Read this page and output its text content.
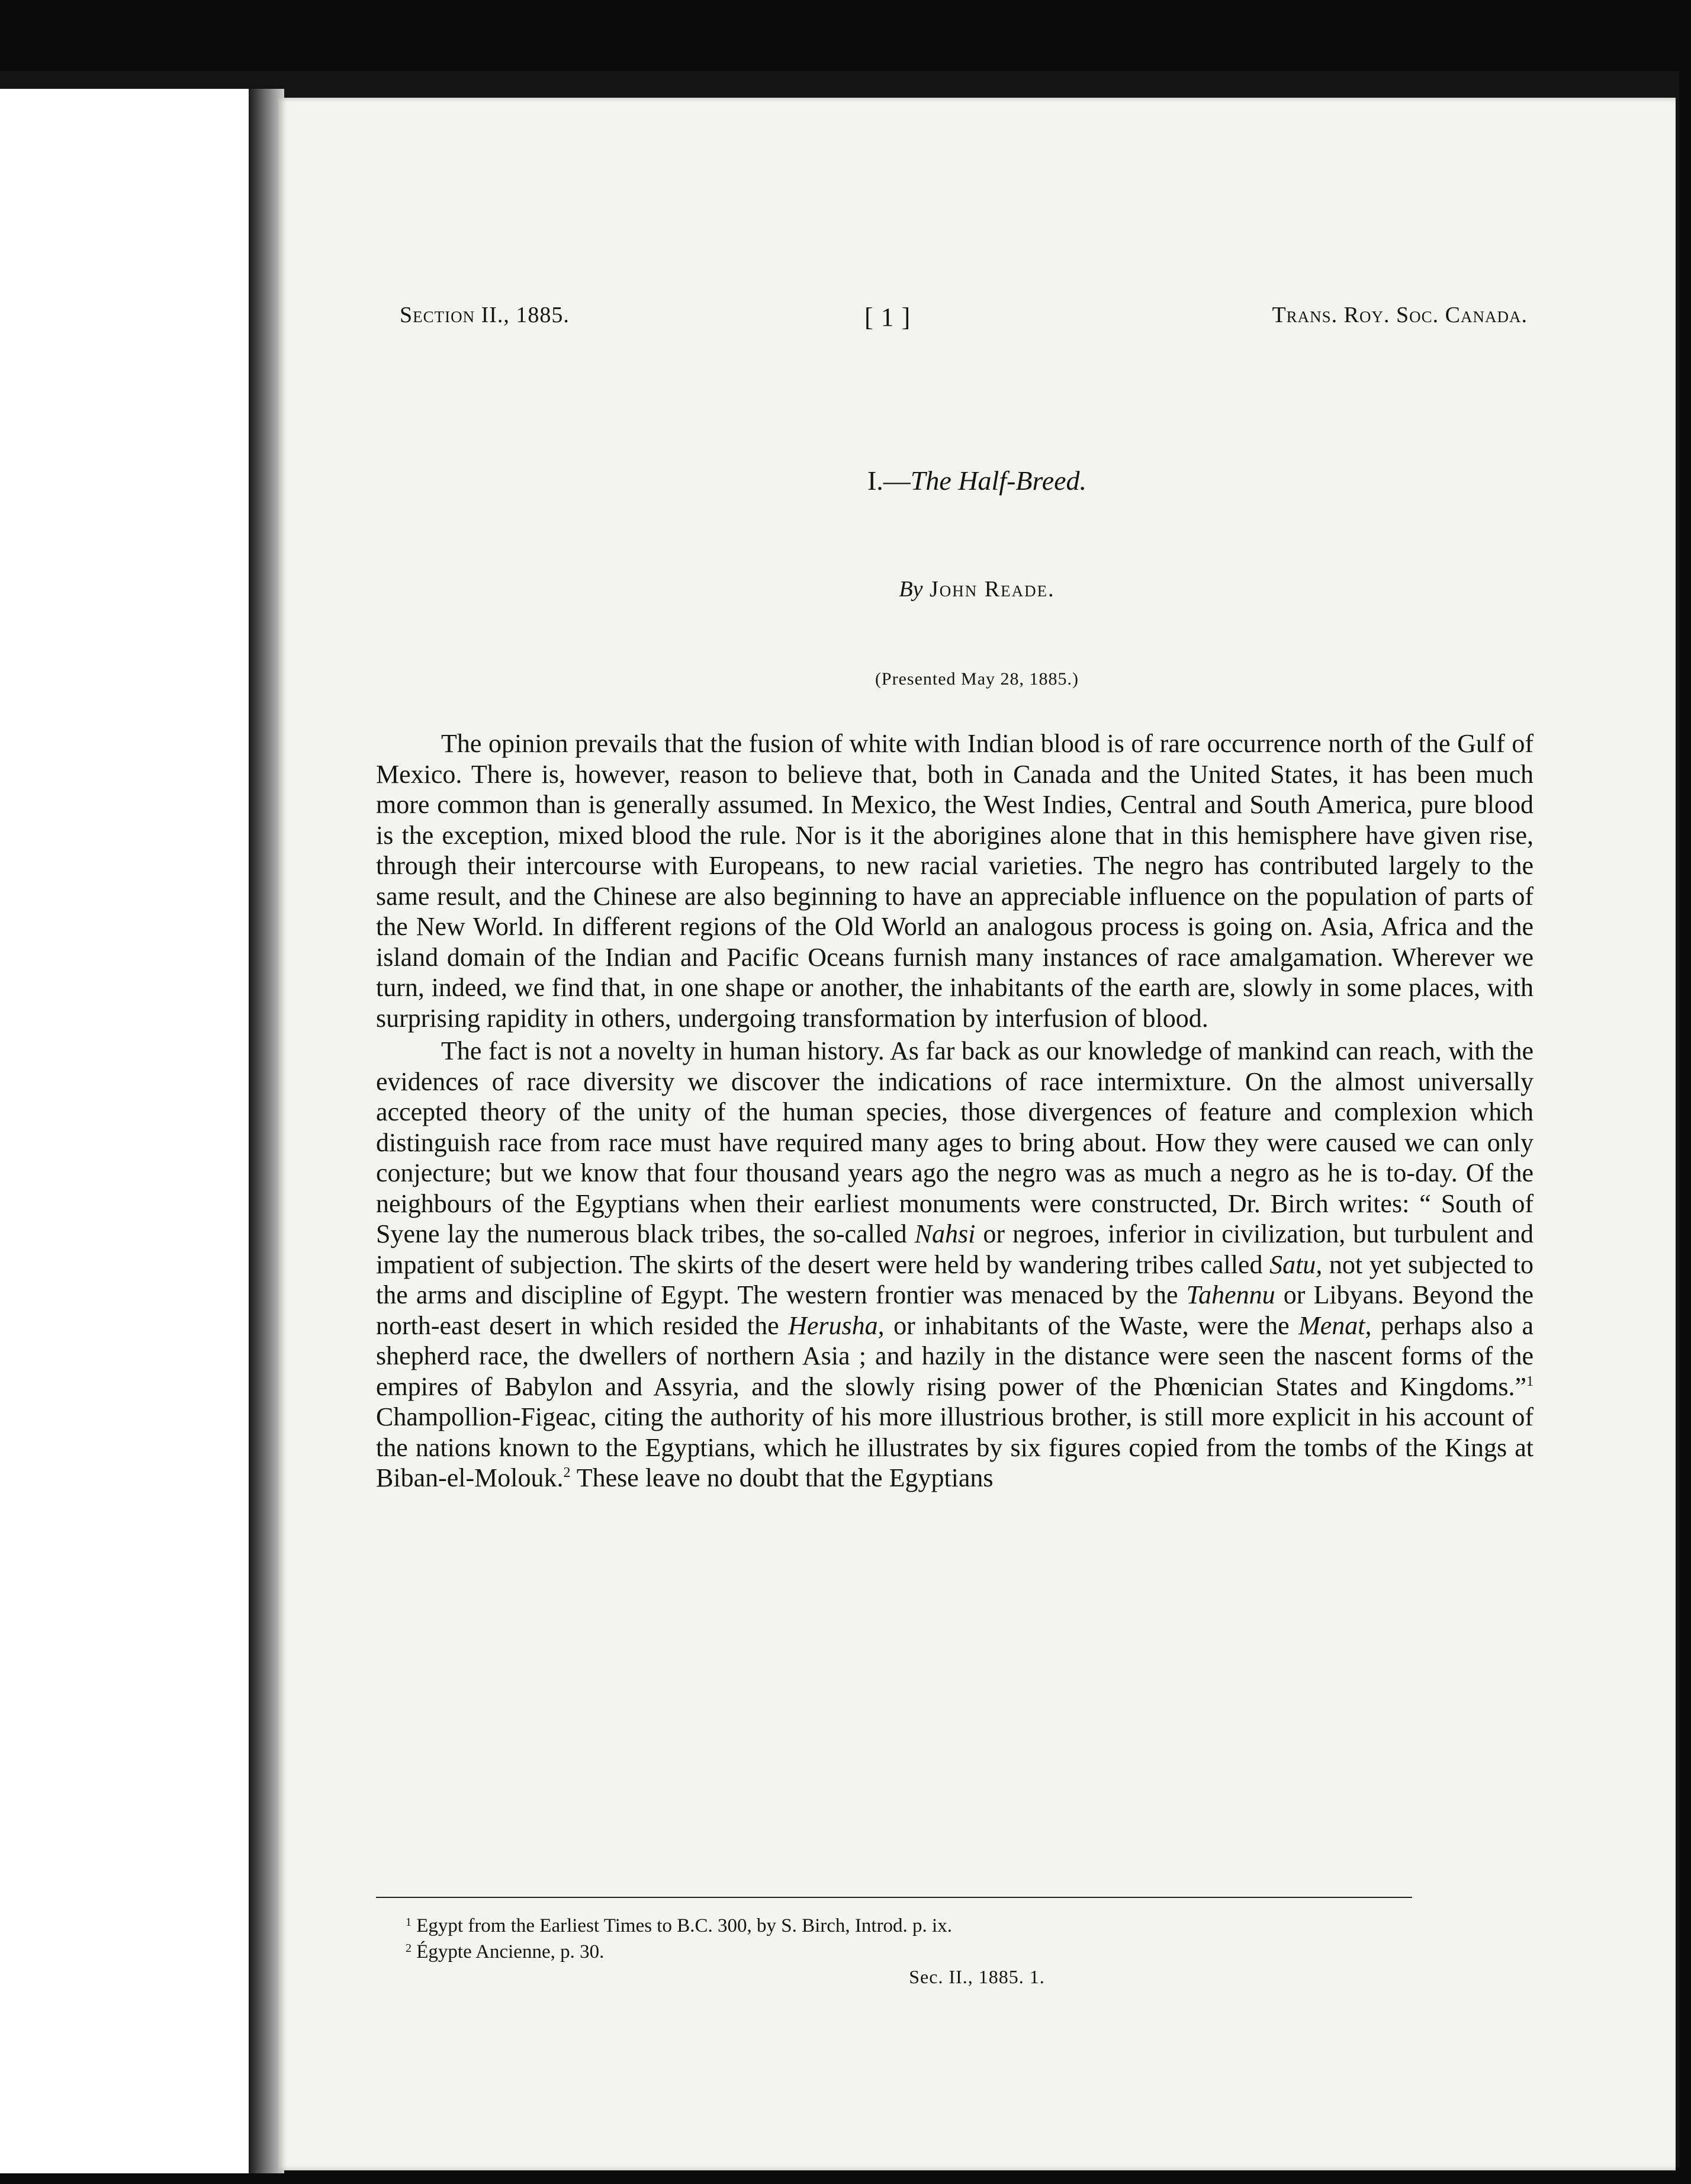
Section II., 1885.	[ 1 ]	Trans. Roy. Soc. Canada.
I.—The Half-Breed.
By John Reade.
(Presented May 28, 1885.)

The opinion prevails that the fusion of white with Indian blood is of rare occurrence north of the Gulf of Mexico. There is, however, reason to believe that, both in Canada and the United States, it has been much more common than is generally assumed. In Mexico, the West Indies, Central and South America, pure blood is the exception, mixed blood the rule. Nor is it the aborigines alone that in this hemisphere have given rise, through their intercourse with Europeans, to new racial varieties. The negro has contributed largely to the same result, and the Chinese are also beginning to have an appreciable influence on the population of parts of the New World. In different regions of the Old World an analogous process is going on. Asia, Africa and the island domain of the Indian and Pacific Oceans furnish many instances of race amalgamation. Wherever we turn, indeed, we find that, in one shape or another, the inhabitants of the earth are, slowly in some places, with surprising rapidity in others, undergoing transformation by interfusion of blood.

The fact is not a novelty in human history. As far back as our knowledge of mankind can reach, with the evidences of race diversity we discover the indications of race intermixture. On the almost universally accepted theory of the unity of the human species, those divergences of feature and complexion which distinguish race from race must have required many ages to bring about. How they were caused we can only conjecture; but we know that four thousand years ago the negro was as much a negro as he is to-day. Of the neighbours of the Egyptians when their earliest monuments were constructed, Dr. Birch writes: “ South of Syene lay the numerous black tribes, the so-called Nahsi or negroes, inferior in civilization, but turbulent and impatient of subjection. The skirts of the desert were held by wandering tribes called Satu, not yet subjected to the arms and discipline of Egypt. The western frontier was menaced by the Tahennu or Libyans. Beyond the north-east desert in which resided the Herusha, or inhabitants of the Waste, were the Menat, perhaps also a shepherd race, the dwellers of northern Asia ; and hazily in the distance were seen the nascent forms of the empires of Babylon and Assyria, and the slowly rising power of the Phœnician States and Kingdoms.”$^1$ Champollion-Figeac, citing the authority of his more illustrious brother, is still more explicit in his account of the nations known to the Egyptians, which he illustrates by six figures copied from the tombs of the Kings at Biban-el-Molouk.$^2$ These leave no doubt that the Egyptians

$^1$ Egypt from the Earliest Times to B.C. 300, by S. Birch, Introd. p. ix.
$^2$ Égypte Ancienne, p. 30.
Sec. II., 1885. 1.
